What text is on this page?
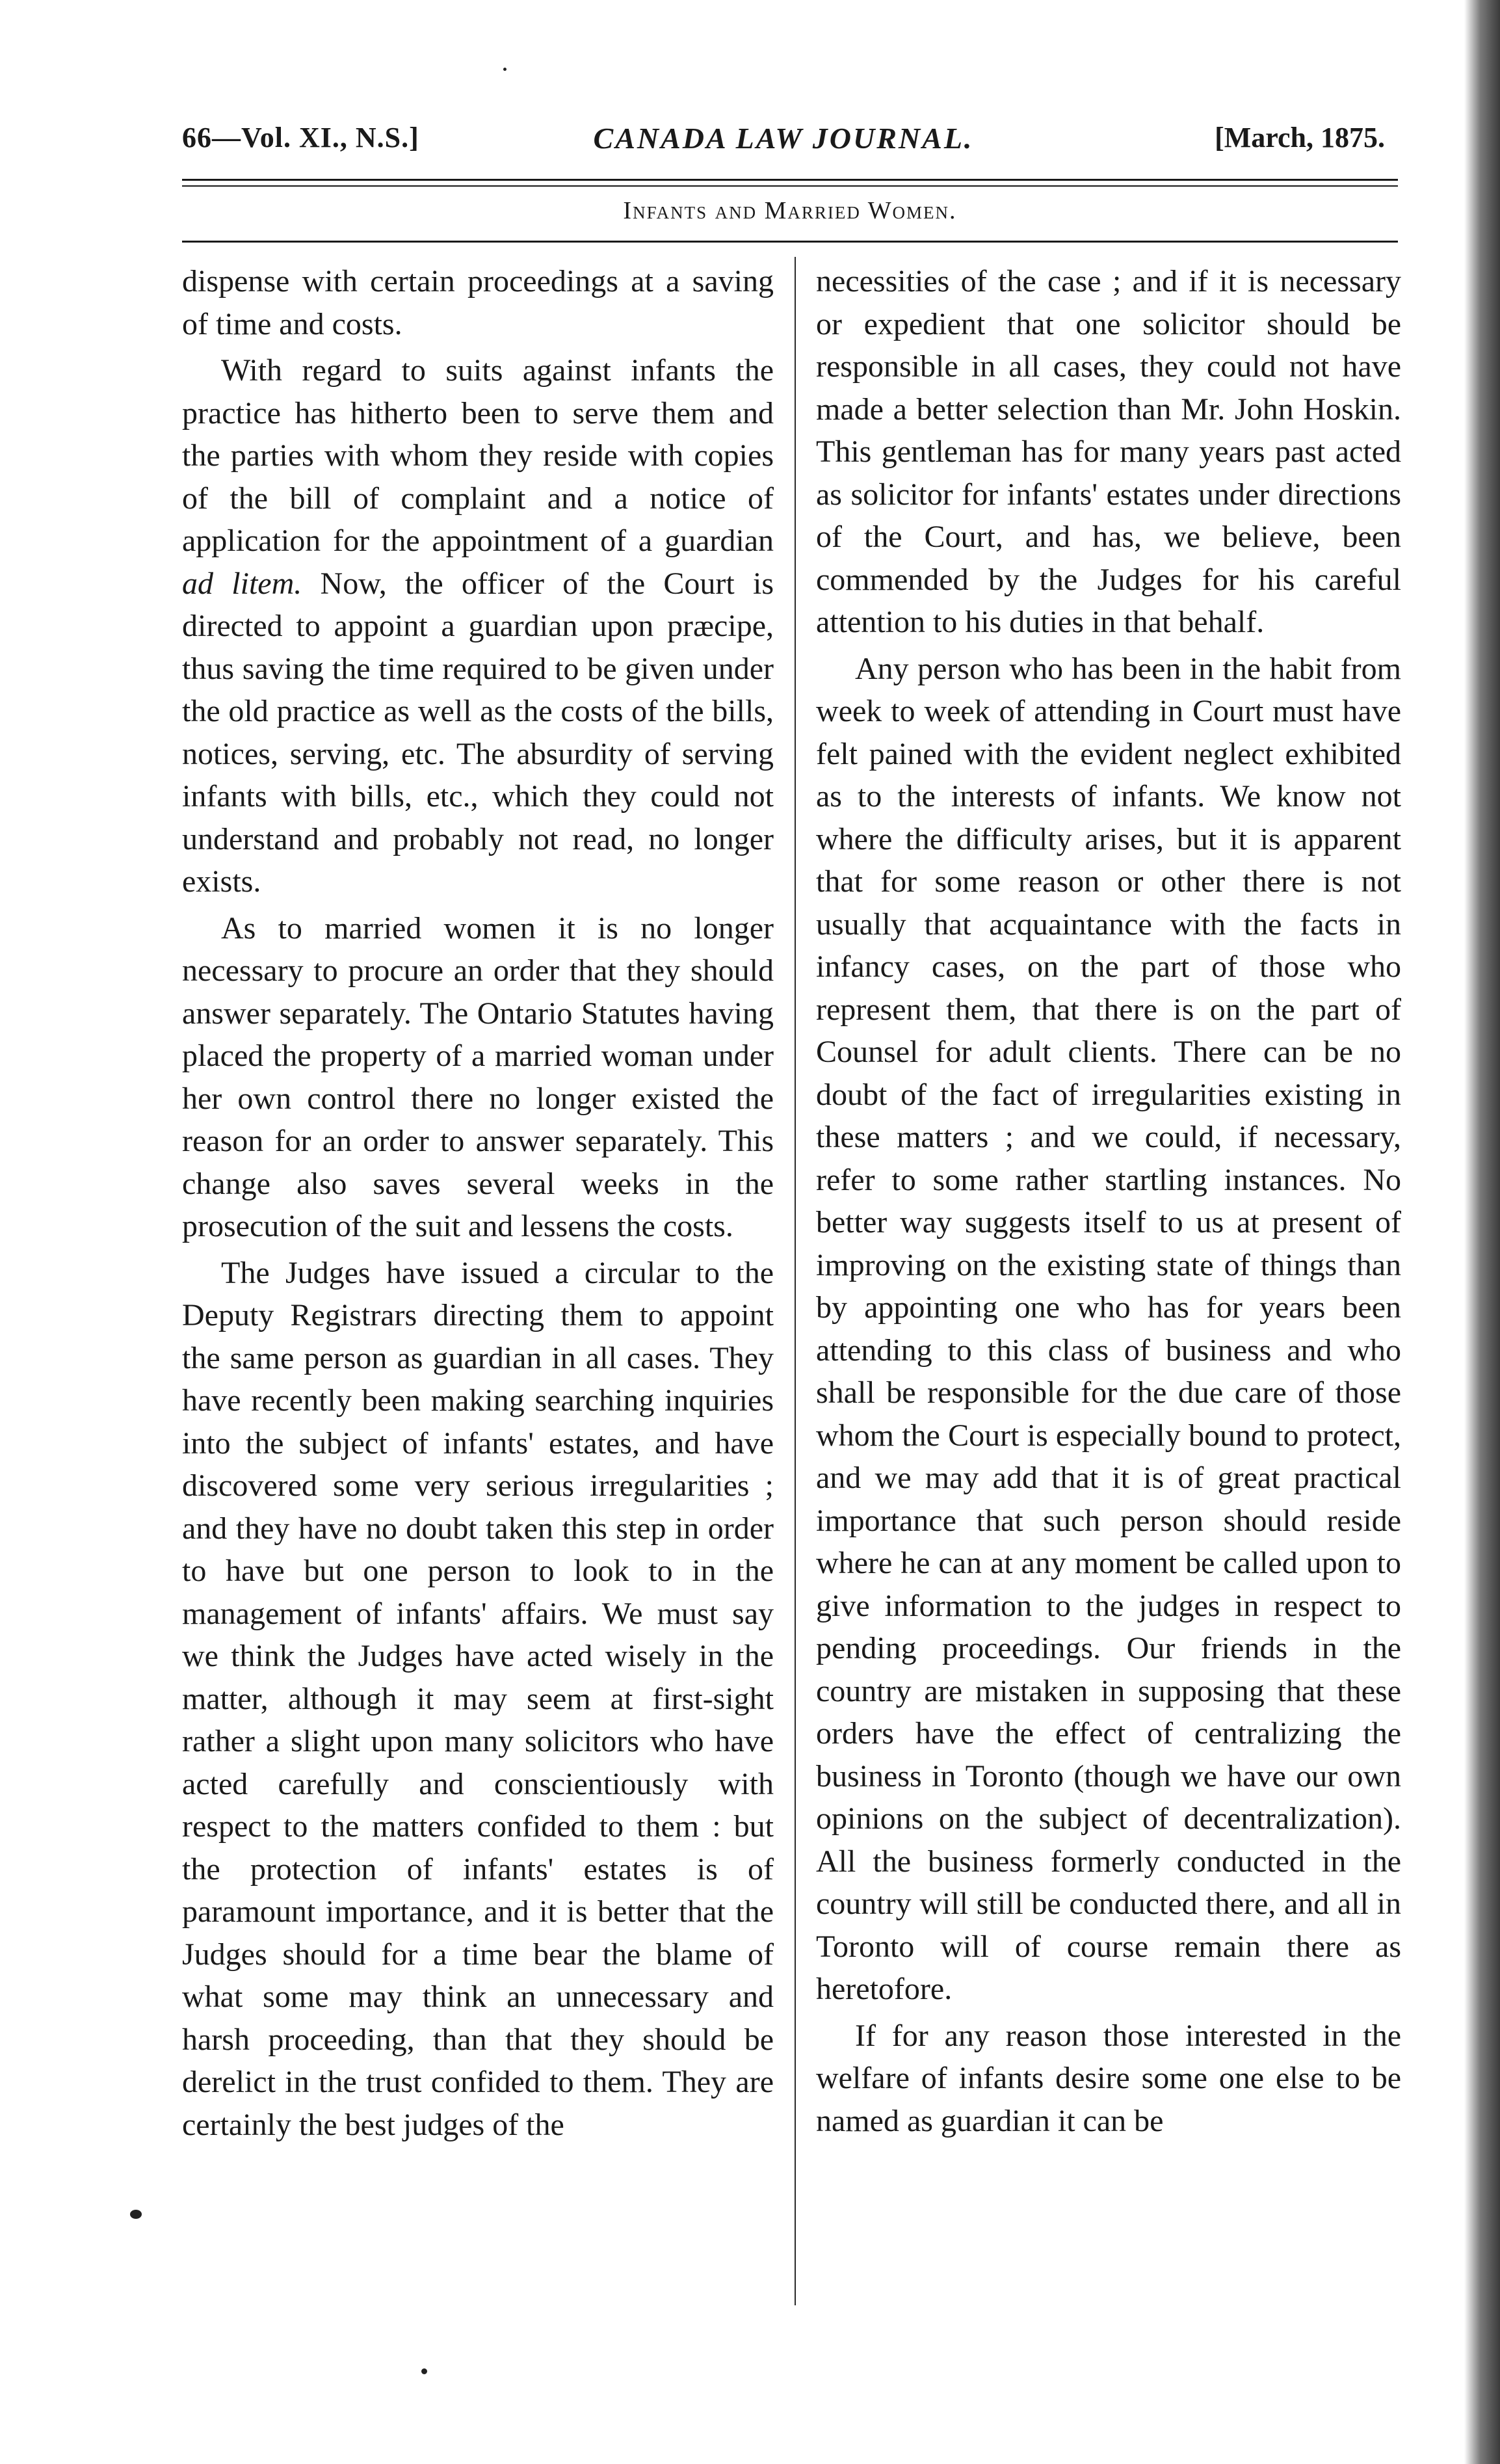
66—Vol. XI., N.S.]	CANADA LAW JOURNAL.	[March, 1875.
Infants and Married Women.

dispense with certain proceedings at a saving of time and costs.

With regard to suits against infants the practice has hitherto been to serve them and the parties with whom they reside with copies of the bill of complaint and a notice of application for the appointment of a guardian ad litem. Now, the officer of the Court is directed to appoint a guardian upon præcipe, thus saving the time required to be given under the old practice as well as the costs of the bills, notices, serving, etc. The absurdity of serving infants with bills, etc., which they could not understand and probably not read, no longer exists.

As to married women it is no longer necessary to procure an order that they should answer separately. The Ontario Statutes having placed the property of a married woman under her own control there no longer existed the reason for an order to answer separately. This change also saves several weeks in the prosecution of the suit and lessens the costs.

The Judges have issued a circular to the Deputy Registrars directing them to appoint the same person as guardian in all cases. They have recently been making searching inquiries into the subject of infants' estates, and have discovered some very serious irregularities ; and they have no doubt taken this step in order to have but one person to look to in the management of infants' affairs. We must say we think the Judges have acted wisely in the matter, although it may seem at first-sight rather a slight upon many solicitors who have acted carefully and conscientiously with respect to the matters confided to them : but the protection of infants' estates is of paramount importance, and it is better that the Judges should for a time bear the blame of what some may think an unnecessary and harsh proceeding, than that they should be derelict in the trust confided to them. They are certainly the best judges of the

necessities of the case ; and if it is necessary or expedient that one solicitor should be responsible in all cases, they could not have made a better selection than Mr. John Hoskin. This gentleman has for many years past acted as solicitor for infants' estates under directions of the Court, and has, we believe, been commended by the Judges for his careful attention to his duties in that behalf.

Any person who has been in the habit from week to week of attending in Court must have felt pained with the evident neglect exhibited as to the interests of infants. We know not where the difficulty arises, but it is apparent that for some reason or other there is not usually that acquaintance with the facts in infancy cases, on the part of those who represent them, that there is on the part of Counsel for adult clients. There can be no doubt of the fact of irregularities existing in these matters ; and we could, if necessary, refer to some rather startling instances. No better way suggests itself to us at present of improving on the existing state of things than by appointing one who has for years been attending to this class of business and who shall be responsible for the due care of those whom the Court is especially bound to protect, and we may add that it is of great practical importance that such person should reside where he can at any moment be called upon to give information to the judges in respect to pending proceedings. Our friends in the country are mistaken in supposing that these orders have the effect of centralizing the business in Toronto (though we have our own opinions on the subject of decentralization). All the business formerly conducted in the country will still be conducted there, and all in Toronto will of course remain there as heretofore.

If for any reason those interested in the welfare of infants desire some one else to be named as guardian it can be
